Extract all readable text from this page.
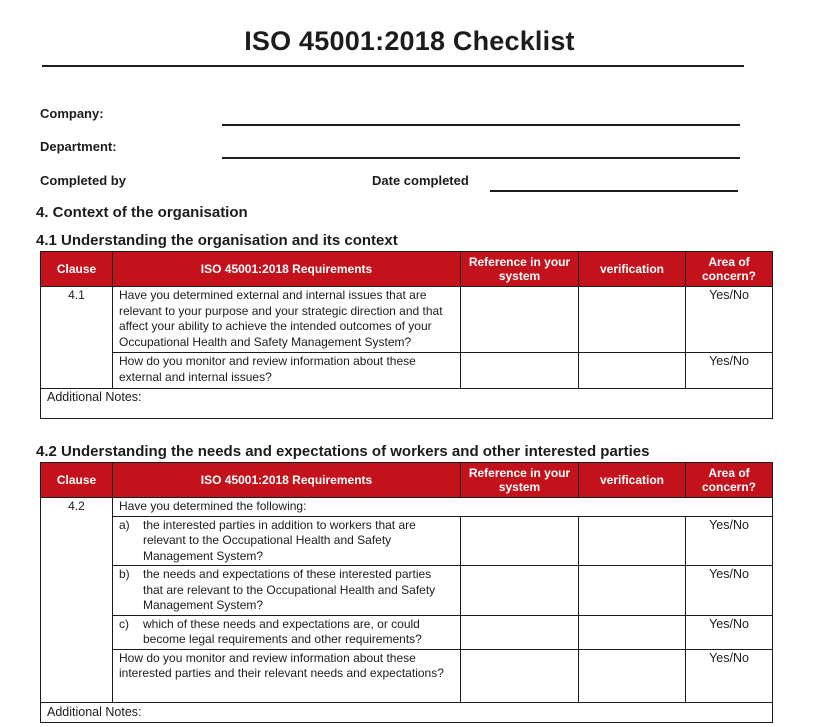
ISO 45001:2018 Checklist
Company:
Department:
Completed by	Date completed
4. Context of the organisation
4.1 Understanding the organisation and its context
Clause	ISO 45001:2018 Requirements	Reference in your system	verification	Area of concern?
4.1	Have you determined external and internal issues that are relevant to your purpose and your strategic direction and that affect your ability to achieve the intended outcomes of your Occupational Health and Safety Management System?			Yes/No
	How do you monitor and review information about these external and internal issues?			Yes/No
Additional Notes:				
4.2 Understanding the needs and expectations of workers and other interested parties
Clause	ISO 45001:2018 Requirements	Reference in your system	verification	Area of concern?
4.2	Have you determined the following:			

	a) the interested parties in addition to workers that are relevant to the Occupational Health and Safety Management System?			Yes/No

	b) the needs and expectations of these interested parties that are relevant to the Occupational Health and Safety Management System?			Yes/No

	c) which of these needs and expectations are, or could become legal requirements and other requirements?			Yes/No
	How do you monitor and review information about these interested parties and their relevant needs and expectations?			Yes/No
Additional Notes:				
